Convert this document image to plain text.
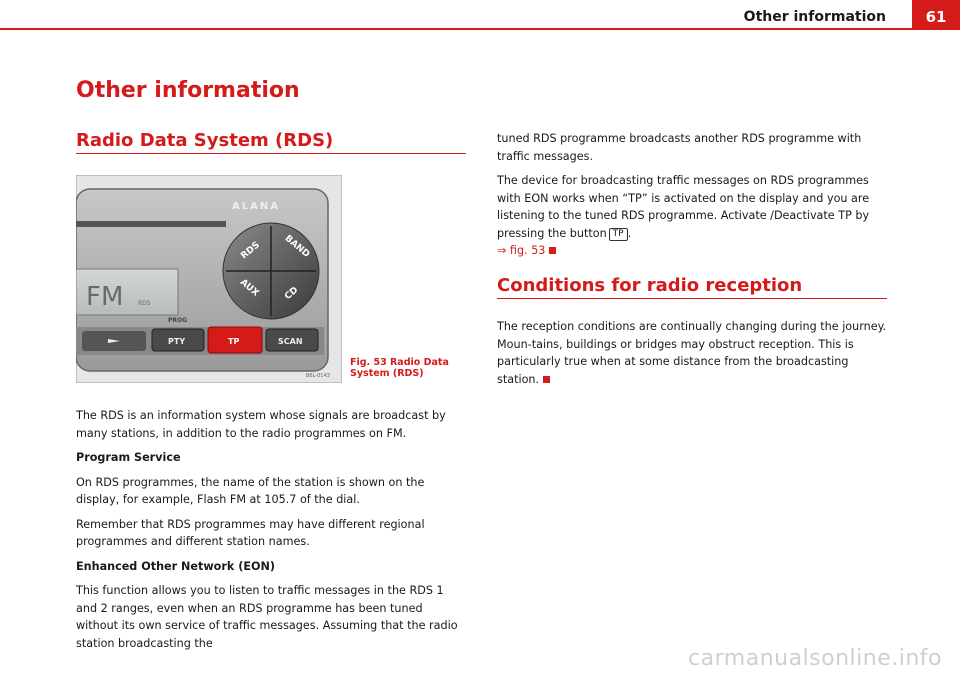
Other information	61
Other information
Radio Data System (RDS)
ALANA
FM RDS
RDS BAND
AUX	CD
PROG
PTY	TP	SCAN
B6L-0143
Fig. 53 Radio Data System (RDS)

The RDS is an information system whose signals are broadcast by many stations, in addition to the radio programmes on FM.

Program Service

On RDS programmes, the name of the station is shown on the display, for example, Flash FM at 105.7 of the dial.

Remember that RDS programmes may have different regional programmes and different station names.

Enhanced Other Network (EON)

This function allows you to listen to traffic messages in the RDS 1 and 2 ranges, even when an RDS programme has been tuned without its own service of traffic messages. Assuming that the radio station broadcasting the

tuned RDS programme broadcasts another RDS programme with traffic messages.

The device for broadcasting traffic messages on RDS programmes with EON works when “TP” is activated on the display and you are listening to the tuned RDS programme. Activate /Deactivate TP by pressing the button TP .
⇒ fig. 53

Conditions for radio reception

The reception conditions are continually changing during the journey. Moun-tains, buildings or bridges may obstruct reception. This is particularly true when at some distance from the broadcasting station.

carmanualsonline.info
